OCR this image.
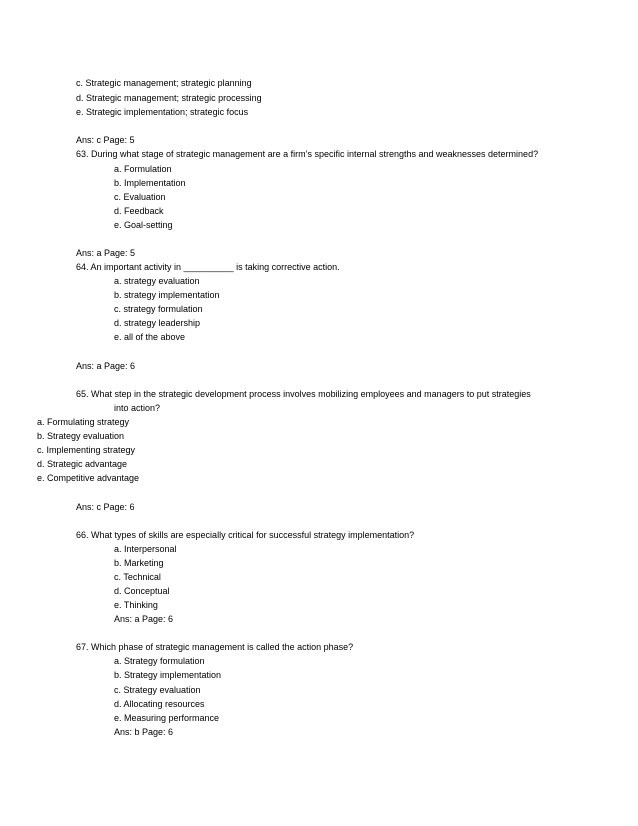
c. Strategic management; strategic planning
d. Strategic management; strategic processing
e. Strategic implementation; strategic focus
Ans: c Page: 5
63. During what stage of strategic management are a firm’s specific internal strengths and weaknesses determined?
a. Formulation
b. Implementation
c. Evaluation
d. Feedback
e. Goal-setting
Ans: a Page: 5
64. An important activity in __________ is taking corrective action.
a. strategy evaluation
b. strategy implementation
c. strategy formulation
d. strategy leadership
e. all of the above
Ans: a Page: 6
65. What step in the strategic development process involves mobilizing employees and managers to put strategies
into action?
a. Formulating strategy
b. Strategy evaluation
c. Implementing strategy
d. Strategic advantage
e. Competitive advantage
Ans: c Page: 6
66. What types of skills are especially critical for successful strategy implementation?
a. Interpersonal
b. Marketing
c. Technical
d. Conceptual
e. Thinking
Ans: a Page: 6
67. Which phase of strategic management is called the action phase?
a. Strategy formulation
b. Strategy implementation
c. Strategy evaluation
d. Allocating resources
e. Measuring performance
Ans: b Page: 6
